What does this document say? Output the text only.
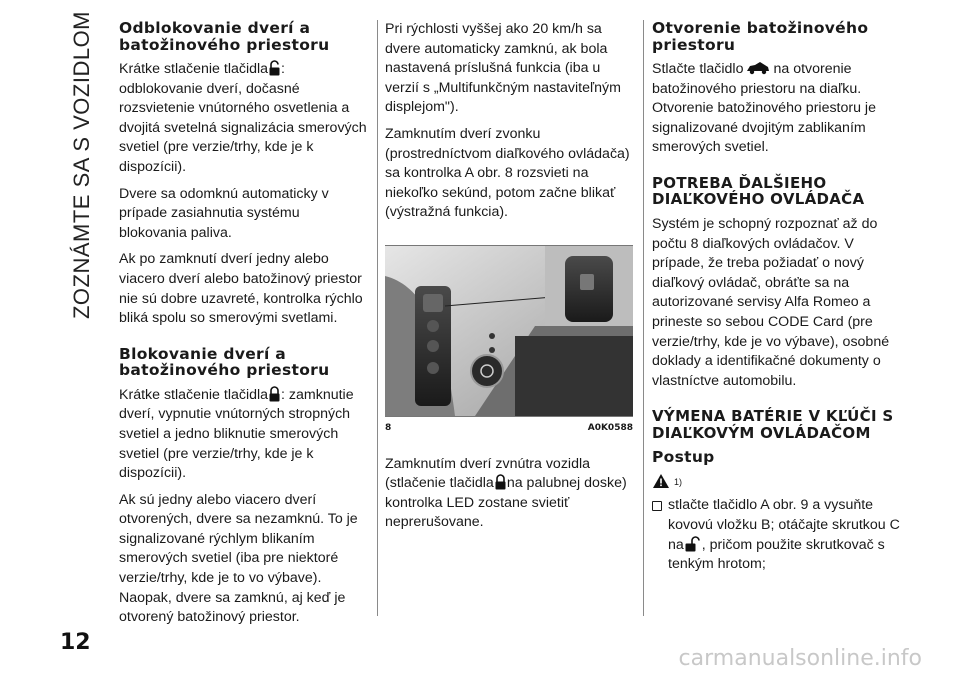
ZOZNÁMTE SA S VOZIDLOM Odblokovanie dverí a batožinového priestoru

Krátke stlačenie tlačidla : odblokovanie dverí, dočasné rozsvietenie vnútorného osvetlenia a dvojitá svetelná signalizácia smerových svetiel (pre verzie/trhy, kde je k dispozícii).

Dvere sa odomknú automaticky v prípade zasiahnutia systému blokovania paliva.

Ak po zamknutí dverí jedny alebo viacero dverí alebo batožinový priestor nie sú dobre uzavreté, kontrolka rýchlo bliká spolu so smerovými svetlami.

Blokovanie dverí a batožinového priestoru

Krátke stlačenie tlačidla : zamknutie dverí, vypnutie vnútorných stropných svetiel a jedno bliknutie smerových svetiel (pre verzie/trhy, kde je k dispozícii).

Ak sú jedny alebo viacero dverí otvorených, dvere sa nezamknú. To je signalizované rýchlym blikaním smerových svetiel (iba pre niektoré verzie/trhy, kde je to vo výbave). Naopak, dvere sa zamknú, aj keď je otvorený batožinový priestor.

Pri rýchlosti vyššej ako 20 km/h sa dvere automaticky zamknú, ak bola nastavená príslušná funkcia (iba u verzií s „Multifunkčným nastaviteľným displejom").

Zamknutím dverí zvonku (prostredníctvom diaľkového ovládača) sa kontrolka A obr. 8 rozsvieti na niekoľko sekúnd, potom začne blikať (výstražná funkcia).

8	A0K0588

Zamknutím dverí zvnútra vozidla (stlačenie tlačidla na palubnej doske) kontrolka LED zostane svietiť neprerušovane.

Otvorenie batožinového priestoru

Stlačte tlačidlo na otvorenie batožinového priestoru na diaľku. Otvorenie batožinového priestoru je signalizované dvojitým zablikaním smerových svetiel.

POTREBA ĎALŠIEHO DIAĽKOVÉHO OVLÁDAČA

Systém je schopný rozpoznať až do počtu 8 diaľkových ovládačov. V prípade, že treba požiadať o nový diaľkový ovládač, obráťte sa na autorizované servisy Alfa Romeo a prineste so sebou CODE Card (pre verzie/trhy, kde je vo výbave), osobné doklady a identifikačné dokumenty o vlastníctve automobilu.

VÝMENA BATÉRIE V KĽÚČI S DIAĽKOVÝM OVLÁDAČOM
Postup
1)
stlačte tlačidlo A obr. 9 a vysuňte kovovú vložku B; otáčajte skrutkou C na , pričom použite skrutkovač s tenkým hrotom;
12
carmanualsonline.info
